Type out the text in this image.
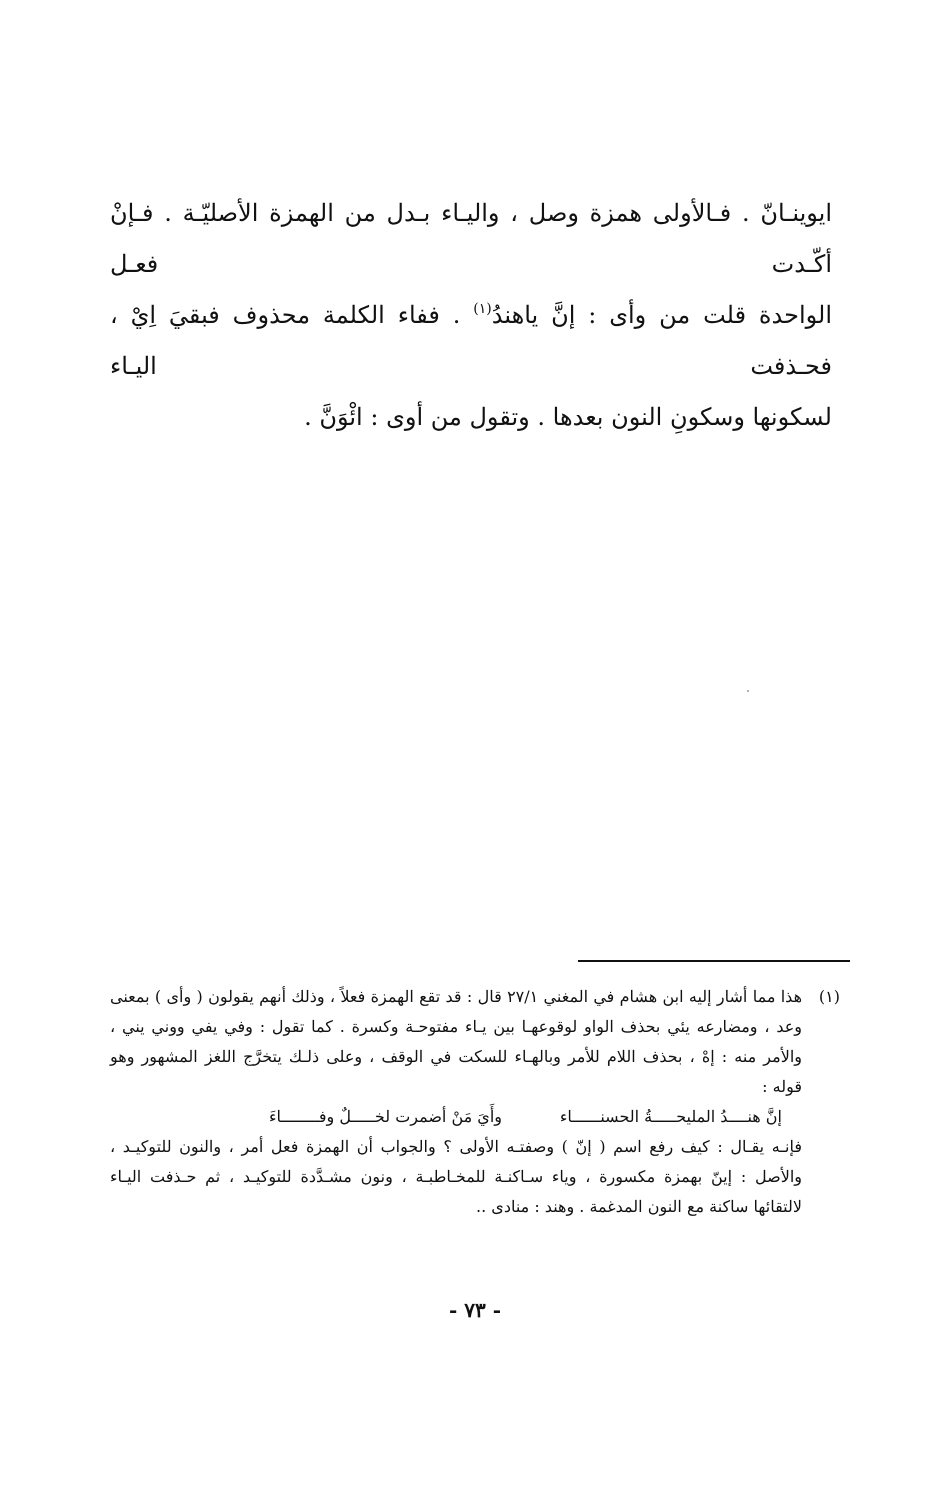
ايوينـانّ . فـالأولى همزة وصل ، واليـاء بـدل من الهمزة الأصليّـة . فـإنْ أكّـدت فعـل

الواحدة قلت من وأى : إنَّ ياهندُ$^{(١)}$ . ففاء الكلمة محذوف فبقيَ اِيْ ، فحـذفت اليـاء

لسكونها وسكونِ النون بعدها . وتقول من أوى : ائْوَنَّ .

(١)

هذا مما أشار إليه ابن هشام في المغني ٢٧/١ قال : قد تقع الهمزة فعلاً ، وذلك أنهم يقولون ( وأى ) بمعنى

وعد ، ومضارعه يئي بحذف الواو لوقوعهـا بين يـاء مفتوحـة وكسرة . كما تقول : وفي يفي ووني يني ،

والأمر منه : إهْ ، بحذف اللام للأمر وبالهـاء للسكت في الوقف ، وعلى ذلـك يتخرَّج اللغز المشهور وهو

قوله :

إنَّ هنــــدُ المليحـــــةُ الحسنــــــاء
وأَيَ مَنْ أضمرت لخـــــلٌ وفــــــــاءَ

فإنـه يقـال : كيف رفع اسم ( إنّ ) وصفتـه الأولى ؟ والجواب أن الهمزة فعل أمر ، والنون للتوكيـد ،

والأصل : إينّ بهمزة مكسورة ، وياء سـاكنـة للمخـاطبـة ، ونون مشـدَّدة للتوكيـد ، ثم حـذفت اليـاء

لالتقائها ساكنة مع النون المدغمة . وهند : منادى ..

- ٧٣ -
